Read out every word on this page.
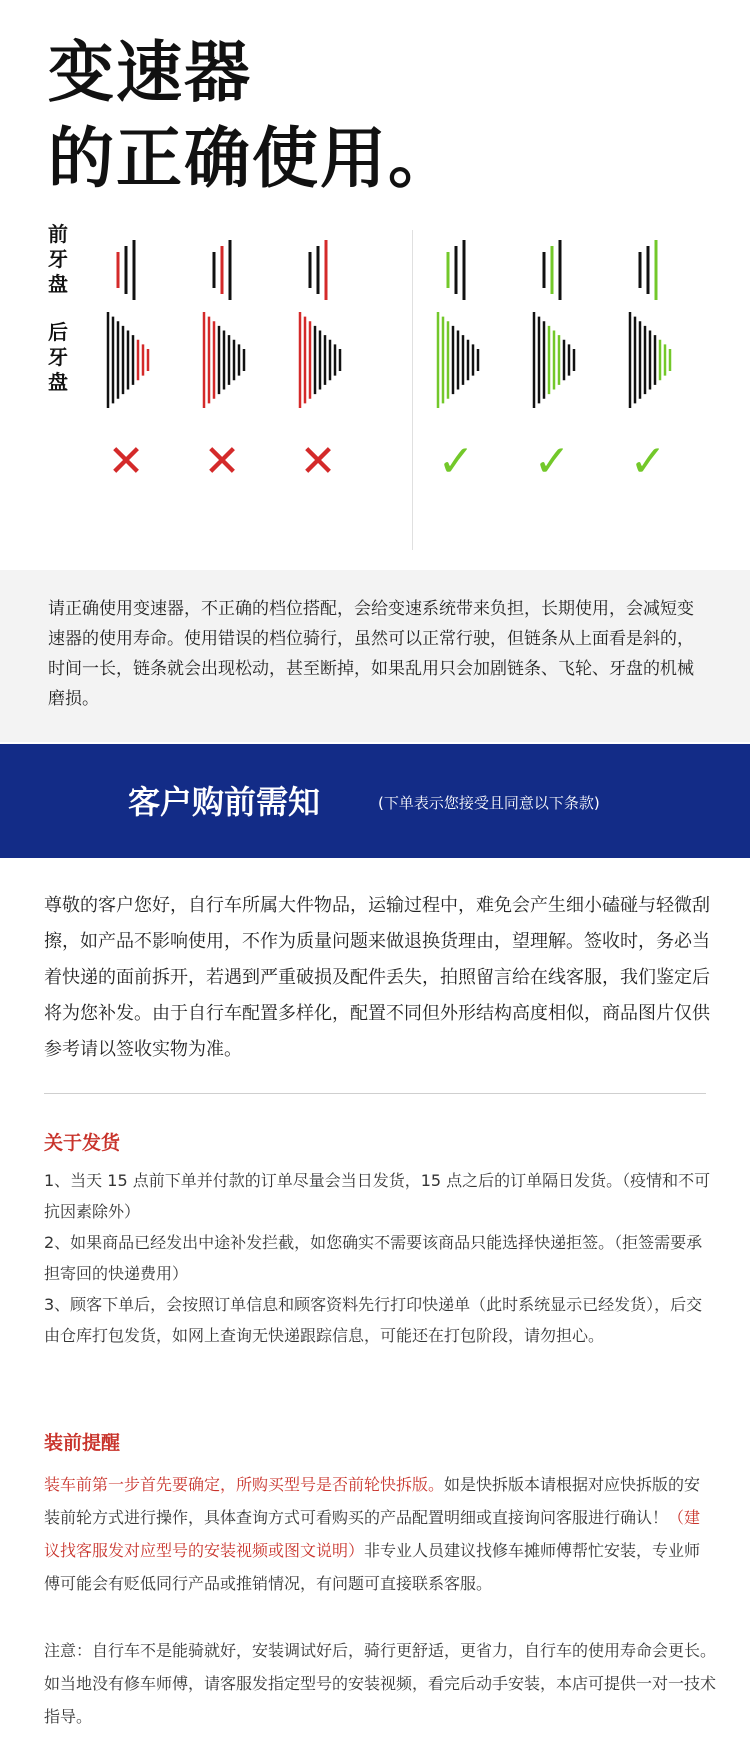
变速器
的正确使用。
前
牙
盘
后
牙
盘
✕ ✕ ✕ ✓ ✓ ✓

请正确使用变速器，不正确的档位搭配，会给变速系统带来负担，长期使用，会减短变速器的使用寿命。使用错误的档位骑行，虽然可以正常行驶，但链条从上面看是斜的，时间一长，链条就会出现松动，甚至断掉，如果乱用只会加剧链条、飞轮、牙盘的机械磨损。

客户购前需知	(下单表示您接受且同意以下条款)

尊敬的客户您好，自行车所属大件物品，运输过程中，难免会产生细小磕碰与轻微刮擦，如产品不影响使用，不作为质量问题来做退换货理由，望理解。签收时，务必当着快递的面前拆开，若遇到严重破损及配件丢失，拍照留言给在线客服，我们鉴定后将为您补发。由于自行车配置多样化，配置不同但外形结构高度相似，商品图片仅供参考请以签收实物为准。

关于发货

1、当天 15 点前下单并付款的订单尽量会当日发货，15 点之后的订单隔日发货。（疫情和不可抗因素除外）

2、如果商品已经发出中途补发拦截，如您确实不需要该商品只能选择快递拒签。（拒签需要承担寄回的快递费用）

3、顾客下单后，会按照订单信息和顾客资料先行打印快递单（此时系统显示已经发货），后交由仓库打包发货，如网上查询无快递跟踪信息，可能还在打包阶段，请勿担心。

装前提醒

装车前第一步首先要确定，所购买型号是否前轮快拆版。如是快拆版本请根据对应快拆版的安装前轮方式进行操作，具体查询方式可看购买的产品配置明细或直接询问客服进行确认！（建议找客服发对应型号的安装视频或图文说明）非专业人员建议找修车摊师傅帮忙安装，专业师傅可能会有贬低同行产品或推销情况，有问题可直接联系客服。

注意：自行车不是能骑就好，安装调试好后，骑行更舒适，更省力，自行车的使用寿命会更长。如当地没有修车师傅，请客服发指定型号的安装视频，看完后动手安装，本店可提供一对一技术指导。
